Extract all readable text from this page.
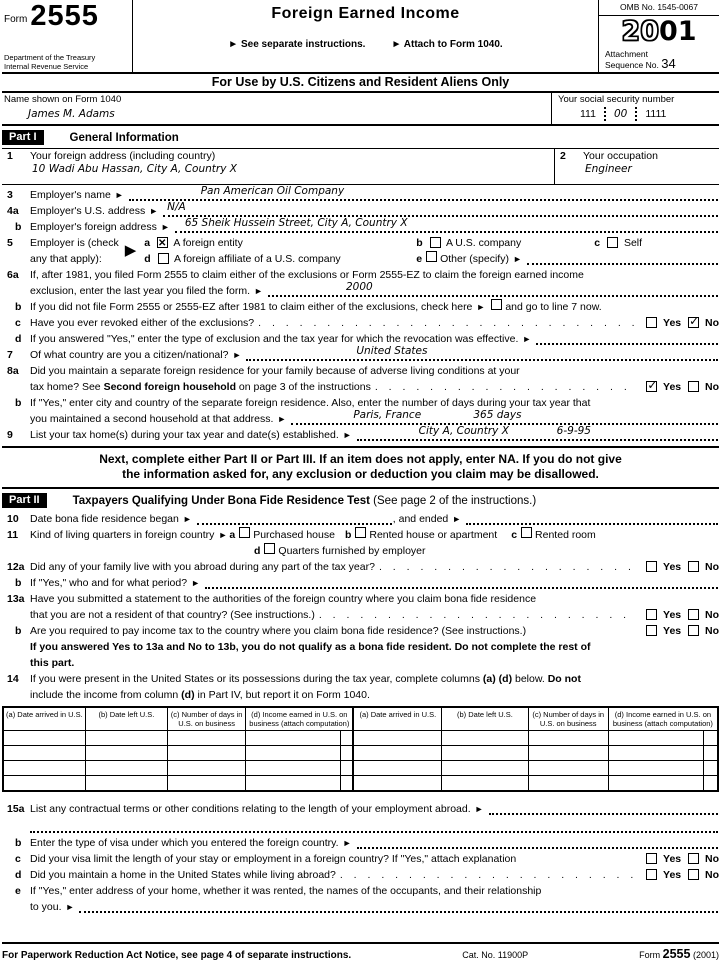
Form 2555
Department of the Treasury
Internal Revenue Service
Foreign Earned Income
► See separate instructions.	► Attach to Form 1040.
OMB No. 1545-0067
2001
Attachment
Sequence No. 34
For Use by U.S. Citizens and Resident Aliens Only
Name shown on Form 1040
James M. Adams
Your social security number
111 00 1111
Part I	General Information
1	Your foreign address (including country)
10 Wadi Abu Hassan, City A, Country X
2	Your occupation
Engineer
3	Employer's name ►	Pan American Oil Company
4a	Employer's U.S. address ► N/A
b Employer's foreign address ► 65 Sheik Hussein Street, City A, Country X
5	Employer is (check
any that apply):	▶ a ✕ A foreign entity	b A U.S. company	c Self
d A foreign affiliate of a U.S. company	e Other (specify) ►
6a	If, after 1981, you filed Form 2555 to claim either of the exclusions or Form 2555-EZ to claim the foreign earned income
exclusion, enter the last year you filed the form. ►	2000
b If you did not file Form 2555 or 2555-EZ after 1981 to claim either of the exclusions, check here ► and go to line 7 now.
c Have you ever revoked either of the exclusions? . . .	Yes ✓ No
d If you answered "Yes," enter the type of exclusion and the tax year for which the revocation was effective. ►
7	Of what country are you a citizen/national? ►	United States
8a	Did you maintain a separate foreign residence for your family because of adverse living conditions at your
tax home? See
Second foreign household
on page 3 of the instructions . . .	✓ Yes No
b If "Yes," enter city and country of the separate foreign residence. Also, enter the number of days during your tax year that
you maintained a second household at that address. ►	Paris, France	365 days
9	List your tax home(s) during your tax year and date(s) established. ►	City A, Country X	6-9-95
Next, complete either Part II or Part III. If an item does not apply, enter NA. If you do not give
the information asked for, any exclusion or deduction you claim may be disallowed.
Part II	Taxpayers Qualifying Under Bona Fide Residence Test (See page 2 of the instructions.)
10	Date bona fide residence began ►	, and ended ►
11	Kind of living quarters in foreign country ► a Purchased house b Rented house or apartment c Rented room
d Quarters furnished by employer
12a Did any of your family live with you abroad during any part of the tax year? . . .	Yes No
b If "Yes," who and for what period? ►
13a Have you submitted a statement to the authorities of the foreign country where you claim bona fide residence
that you are not a resident of that country? (See instructions.) . . .	Yes No
b Are you required to pay income tax to the country where you claim bona fide residence? (See instructions.)	Yes No
If you answered Yes to 13a and No to 13b, you do not qualify as a bona fide resident. Do not complete the rest of
this part.
14	If you were present in the United States or its possessions during the tax year, complete columns (a) (d) below. Do not
include the income from column (d) in Part IV, but report it on Form 1040.
(a) Date arrived in U.S.	(b) Date left U.S.	(c) Number of days in U.S. on business	(d) Income earned in U.S. on business (attach computation)		(a) Date arrived in U.S.	(b) Date left U.S.	(c) Number of days in U.S. on business	(d) Income earned in U.S. on business (attach computation)	

15a List any contractual terms or other conditions relating to the length of your employment abroad. ►
b Enter the type of visa under which you entered the foreign country. ►
c Did your visa limit the length of your stay or employment in a foreign country? If "Yes," attach explanation	Yes No
d Did you maintain a home in the United States while living abroad? . . .	Yes No
e If "Yes," enter address of your home, whether it was rented, the names of the occupants, and their relationship
to you. ►
For Paperwork Reduction Act Notice, see page 4 of separate instructions.	Cat. No. 11900P	Form 2555 (2001)
